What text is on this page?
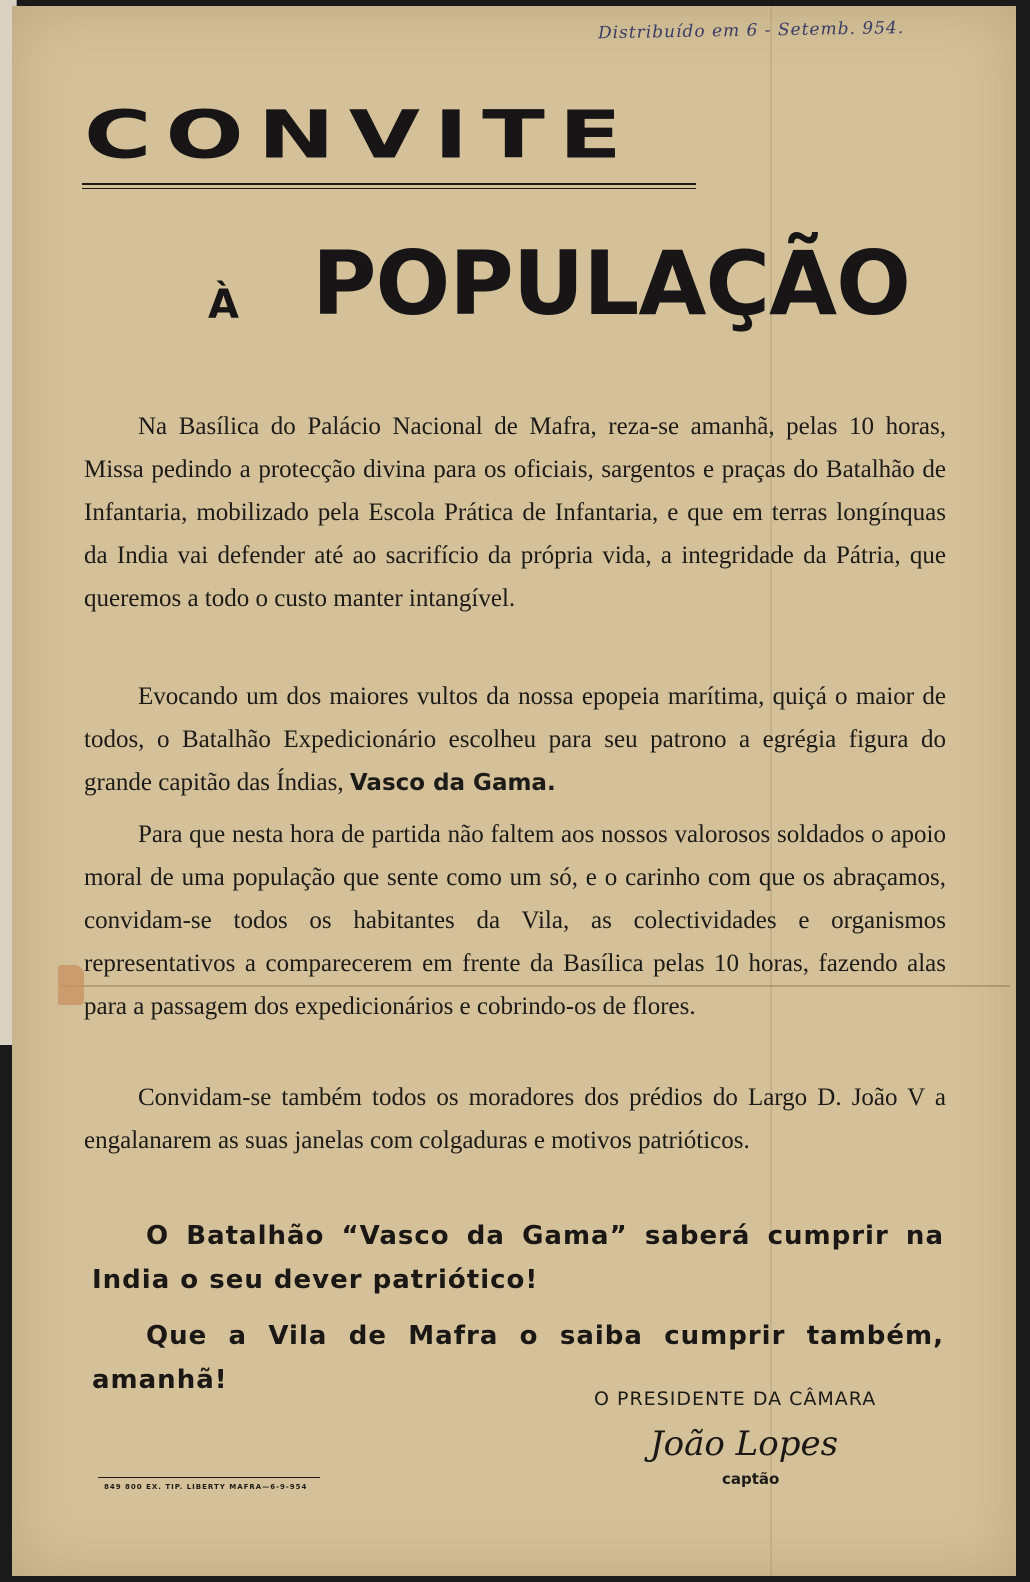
Distribuído em 6 - Setemb. 954.
CONVITE
À POPULAÇÃO

Na Basílica do Palácio Nacional de Mafra, reza-se amanhã, pelas 10 horas, Missa pedindo a protecção divina para os oficiais, sargentos e praças do Batalhão de Infantaria, mobilizado pela Escola Prática de Infantaria, e que em terras longínquas da India vai defender até ao sacrifício da própria vida, a integridade da Pátria, que queremos a todo o custo manter intangível.

Evocando um dos maiores vultos da nossa epopeia marítima, quiçá o maior de todos, o Batalhão Expedicionário escolheu para seu patrono a egrégia figura do grande capitão das Índias, Vasco da Gama.

Para que nesta hora de partida não faltem aos nossos valorosos soldados o apoio moral de uma população que sente como um só, e o carinho com que os abraçamos, convidam-se todos os habitantes da Vila, as colectividades e organismos representativos a comparecerem em frente da Basílica pelas 10 horas, fazendo alas para a passagem dos expedicionários e cobrindo-os de flores.

Convidam-se também todos os moradores dos prédios do Largo D. João V a engalanarem as suas janelas com colgaduras e motivos patrióticos.

O Batalhão “Vasco da Gama” saberá cumprir na India o seu dever patriótico!

Que a Vila de Mafra o saiba cumprir também, amanhã!

O PRESIDENTE DA CÂMARA
João Lopes
captão
849 800 EX. TIP. LIBERTY MAFRA—6-9-954
